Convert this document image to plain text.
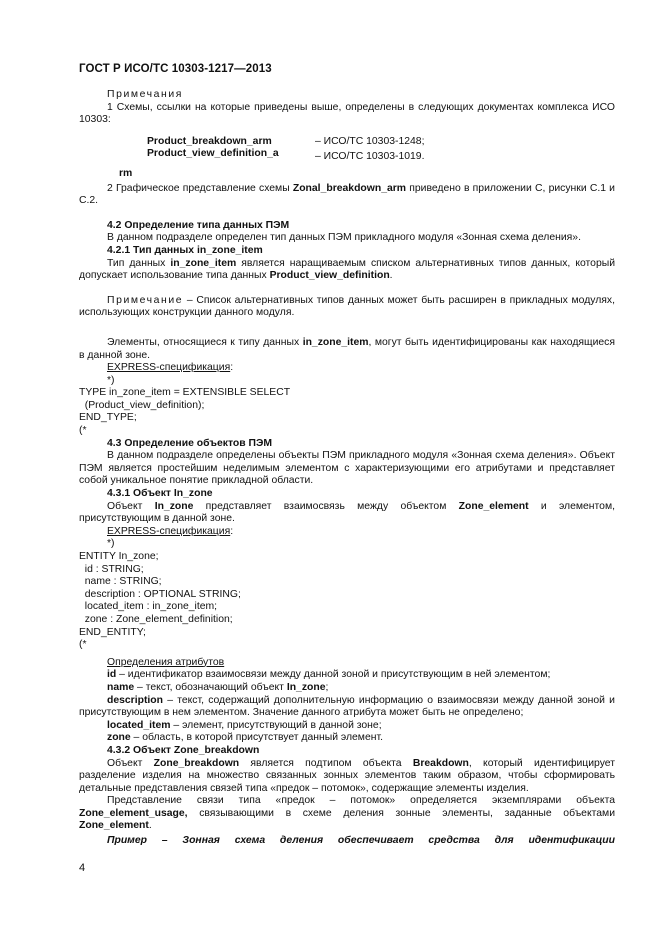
ГОСТ Р ИСО/ТС 10303-1217—2013

Примечания

1 Схемы, ссылки на которые приведены выше, определены в следующих документах комплекса ИСО 10303:

Product_breakdown_arm	– ИСО/ТС 10303-1248;
Product_view_definition_a	– ИСО/ТС 10303-1019.

rm

2 Графическое представление схемы Zonal_breakdown_arm приведено в приложении С, рисунки С.1 и С.2.

4.2 Определение типа данных ПЭМ

В данном подразделе определен тип данных ПЭМ прикладного модуля «Зонная схема деления».

4.2.1 Тип данных in_zone_item

Тип данных in_zone_item является наращиваемым списком альтернативных типов данных, который допускает использование типа данных Product_view_definition.

Примечание – Список альтернативных типов данных может быть расширен в прикладных модулях, использующих конструкции данного модуля.

Элементы, относящиеся к типу данных in_zone_item, могут быть идентифицированы как находящиеся в данной зоне.

EXPRESS-спецификация:

*)

TYPE in_zone_item = EXTENSIBLE SELECT

(Product_view_definition);

END_TYPE;

(*

4.3 Определение объектов ПЭМ

В данном подразделе определены объекты ПЭМ прикладного модуля «Зонная схема деления». Объект ПЭМ является простейшим неделимым элементом с характеризующими его атрибутами и представляет собой уникальное понятие прикладной области.

4.3.1 Объект In_zone

Объект In_zone представляет взаимосвязь между объектом Zone_element и элементом, присутствующим в данной зоне.

EXPRESS-спецификация:

*)

ENTITY In_zone;

id : STRING;

name : STRING;

description : OPTIONAL STRING;

located_item : in_zone_item;

zone : Zone_element_definition;

END_ENTITY;

(*

Определения атрибутов

id – идентификатор взаимосвязи между данной зоной и присутствующим в ней элементом;

name – текст, обозначающий объект In_zone;

description – текст, содержащий дополнительную информацию о взаимосвязи между данной зоной и присутствующим в нем элементом. Значение данного атрибута может быть не определено;

located_item – элемент, присутствующий в данной зоне;

zone – область, в которой присутствует данный элемент.

4.3.2 Объект Zone_breakdown

Объект Zone_breakdown является подтипом объекта Breakdown, который идентифицирует разделение изделия на множество связанных зонных элементов таким образом, чтобы сформировать детальные представления связей типа «предок – потомок», содержащие элементы изделия.

Представление связи типа «предок – потомок» определяется экземплярами объекта Zone_element_usage, связывающими в схеме деления зонные элементы, заданные объектами Zone_element.

Пример – Зонная схема деления обеспечивает средства для идентификации

4
